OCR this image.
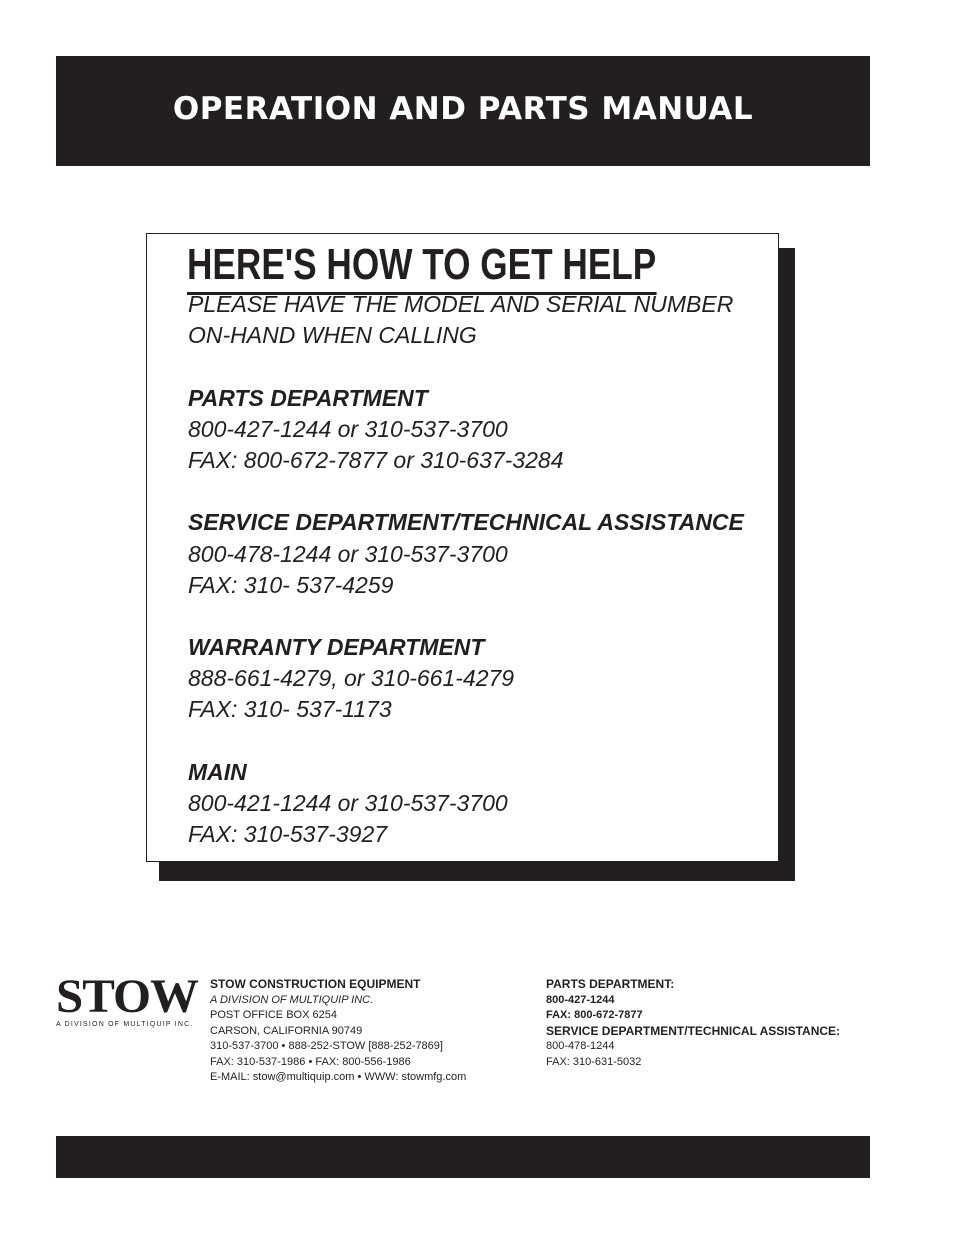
OPERATION AND PARTS MANUAL
HERE'S HOW TO GET HELP
PLEASE HAVE THE MODEL AND SERIAL NUMBER
ON-HAND WHEN CALLING
PARTS DEPARTMENT
800-427-1244 or 310-537-3700
FAX: 800-672-7877 or 310-637-3284
SERVICE DEPARTMENT/TECHNICAL ASSISTANCE
800-478-1244 or 310-537-3700
FAX: 310- 537-4259
WARRANTY DEPARTMENT
888-661-4279, or 310-661-4279
FAX: 310- 537-1173
MAIN
800-421-1244 or 310-537-3700
FAX: 310-537-3927
STOW
A DIVISION OF MULTIQUIP INC.
STOW CONSTRUCTION EQUIPMENT
A DIVISION OF MULTIQUIP INC.
POST OFFICE BOX 6254
CARSON, CALIFORNIA 90749
310-537-3700 • 888-252-STOW [888-252-7869]
FAX: 310-537-1986 • FAX: 800-556-1986
E-MAIL: stow@multiquip.com • WWW: stowmfg.com
PARTS DEPARTMENT:
800-427-1244
FAX: 800-672-7877
SERVICE DEPARTMENT/TECHNICAL ASSISTANCE:
800-478-1244
FAX: 310-631-5032
